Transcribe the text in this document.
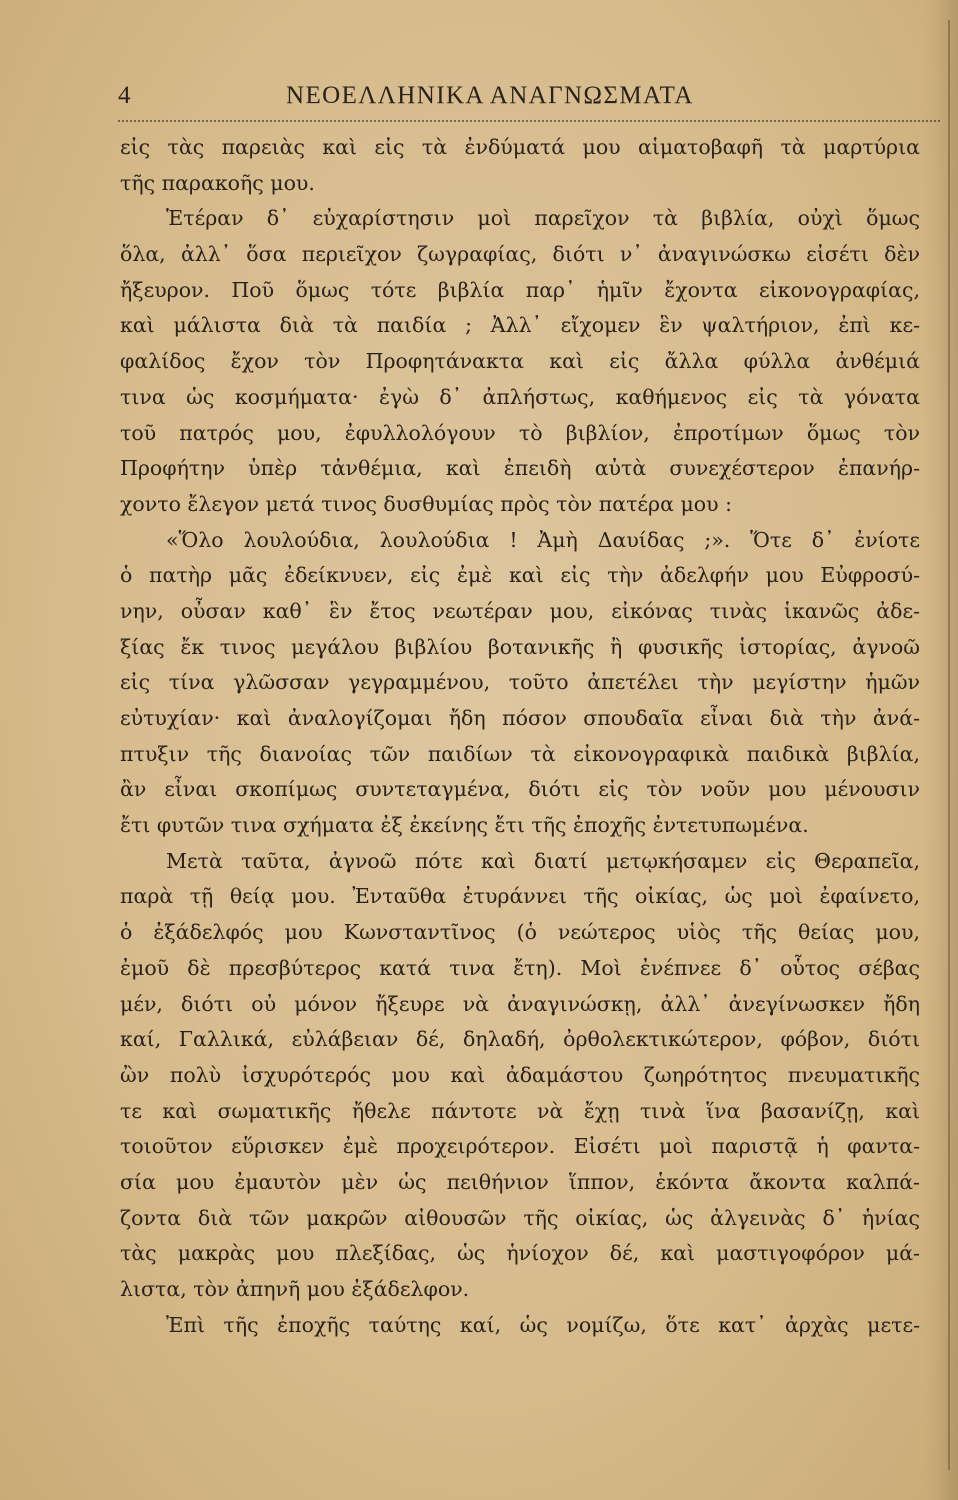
4	ΝΕΟΕΛΛΗΝΙΚΑ ΑΝΑΓΝΩΣΜΑΤΑ
εἰς τὰς παρειὰς καὶ εἰς τὰ ἐνδύματά μου αἱματοβαφῆ τὰ μαρτύρια
τῆς παρακοῆς μου.
Ἑτέραν δ᾿ εὐχαρίστησιν μοὶ παρεῖχον τὰ βιβλία, οὐχὶ ὅμως
ὅλα, ἀλλ᾿ ὅσα περιεῖχον ζωγραφίας, διότι ν᾿ ἀναγινώσκω εἰσέτι δὲν
ἤξευρον. Ποῦ ὅμως τότε βιβλία παρ᾿ ἡμῖν ἔχοντα εἰκονογραφίας,
καὶ μάλιστα διὰ τὰ παιδία ; Ἀλλ᾿ εἴχομεν ἓν ψαλτήριον, ἐπὶ κε-
φαλίδος ἔχον τὸν Προφητάνακτα καὶ εἰς ἄλλα φύλλα ἀνθέμιά
τινα ὡς κοσμήματα· ἐγὼ δ᾿ ἀπλήστως, καθήμενος εἰς τὰ γόνατα
τοῦ πατρός μου, ἐφυλλολόγουν τὸ βιβλίον, ἐπροτίμων ὅμως τὸν
Προφήτην ὑπὲρ τἀνθέμια, καὶ ἐπειδὴ αὐτὰ συνεχέστερον ἐπανήρ-
χοντο ἔλεγον μετά τινος δυσθυμίας πρὸς τὸν πατέρα μου :
«Ὅλο λουλούδια, λουλούδια ! Ἀμὴ Δαυίδας ;». Ὅτε δ᾿ ἐνίοτε
ὁ πατὴρ μᾶς ἐδείκνυεν, εἰς ἐμὲ καὶ εἰς τὴν ἀδελφήν μου Εὐφροσύ-
νην, οὖσαν καθ᾿ ἓν ἔτος νεωτέραν μου, εἰκόνας τινὰς ἱκανῶς ἀδε-
ξίας ἔκ τινος μεγάλου βιβλίου βοτανικῆς ἢ φυσικῆς ἱστορίας, ἀγνοῶ
εἰς τίνα γλῶσσαν γεγραμμένου, τοῦτο ἀπετέλει τὴν μεγίστην ἡμῶν
εὐτυχίαν· καὶ ἀναλογίζομαι ἤδη πόσον σπουδαῖα εἶναι διὰ τὴν ἀνά-
πτυξιν τῆς διανοίας τῶν παιδίων τὰ εἰκονογραφικὰ παιδικὰ βιβλία,
ἂν εἶναι σκοπίμως συντεταγμένα, διότι εἰς τὸν νοῦν μου μένουσιν
ἔτι φυτῶν τινα σχήματα ἐξ ἐκείνης ἔτι τῆς ἐποχῆς ἐντετυπωμένα.
Μετὰ ταῦτα, ἀγνοῶ πότε καὶ διατί μετῳκήσαμεν εἰς Θεραπεῖα,
παρὰ τῇ θείᾳ μου. Ἐνταῦθα ἐτυράννει τῆς οἰκίας, ὡς μοὶ ἐφαίνετο,
ὁ ἐξάδελφός μου Κωνσταντῖνος (ὁ νεώτερος υἱὸς τῆς θείας μου,
ἐμοῦ δὲ πρεσβύτερος κατά τινα ἔτη). Μοὶ ἐνέπνεε δ᾿ οὗτος σέβας
μέν, διότι οὐ μόνον ἤξευρε νὰ ἀναγινώσκῃ, ἀλλ᾿ ἀνεγίνωσκεν ἤδη
καί, Γαλλικά, εὐλάβειαν δέ, δηλαδή, ὀρθολεκτικώτερον, φόβον, διότι
ὢν πολὺ ἰσχυρότερός μου καὶ ἀδαμάστου ζωηρότητος πνευματικῆς
τε καὶ σωματικῆς ἤθελε πάντοτε νὰ ἔχῃ τινὰ ἵνα βασανίζῃ, καὶ
τοιοῦτον εὕρισκεν ἐμὲ προχειρότερον. Εἰσέτι μοὶ παριστᾷ ἡ φαντα-
σία μου ἐμαυτὸν μὲν ὡς πειθήνιον ἵππον, ἑκόντα ἄκοντα καλπά-
ζοντα διὰ τῶν μακρῶν αἰθουσῶν τῆς οἰκίας, ὡς ἀλγεινὰς δ᾿ ἡνίας
τὰς μακρὰς μου πλεξίδας, ὡς ἡνίοχον δέ, καὶ μαστιγοφόρον μά-
λιστα, τὸν ἀπηνῆ μου ἐξάδελφον.
Ἐπὶ τῆς ἐποχῆς ταύτης καί, ὡς νομίζω, ὅτε κατ᾿ ἀρχὰς μετε-
